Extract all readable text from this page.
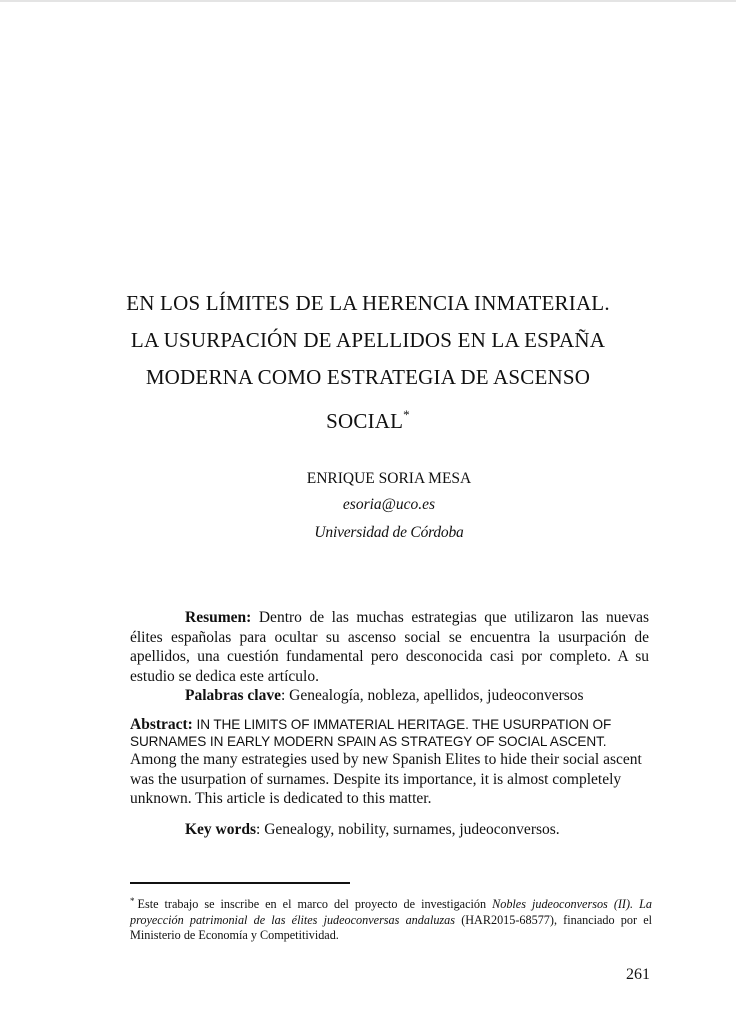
EN LOS LÍMITES DE LA HERENCIA INMATERIAL.
LA USURPACIÓN DE APELLIDOS EN LA ESPAÑA
MODERNA COMO ESTRATEGIA DE ASCENSO
SOCIAL*
ENRIQUE SORIA MESA
esoria@uco.es
Universidad de Córdoba

Resumen: Dentro de las muchas estrategias que utilizaron las nuevas élites españolas para ocultar su ascenso social se encuentra la usurpación de apellidos, una cuestión fundamental pero desconocida casi por completo. A su estudio se dedica este artículo.

Palabras clave: Genealogía, nobleza, apellidos, judeoconversos

Abstract: IN THE LIMITS OF IMMATERIAL HERITAGE. THE USURPATION OF SURNAMES IN EARLY MODERN SPAIN AS STRATEGY OF SOCIAL ASCENT.

Among the many estrategies used by new Spanish Elites to hide their social ascent was the usurpation of surnames. Despite its importance, it is almost completely unknown. This article is dedicated to this matter.

Key words: Genealogy, nobility, surnames, judeoconversos.

* Este trabajo se inscribe en el marco del proyecto de investigación Nobles judeoconversos (II). La proyección patrimonial de las élites judeoconversas andaluzas (HAR2015-68577), financiado por el Ministerio de Economía y Competitividad.

261
